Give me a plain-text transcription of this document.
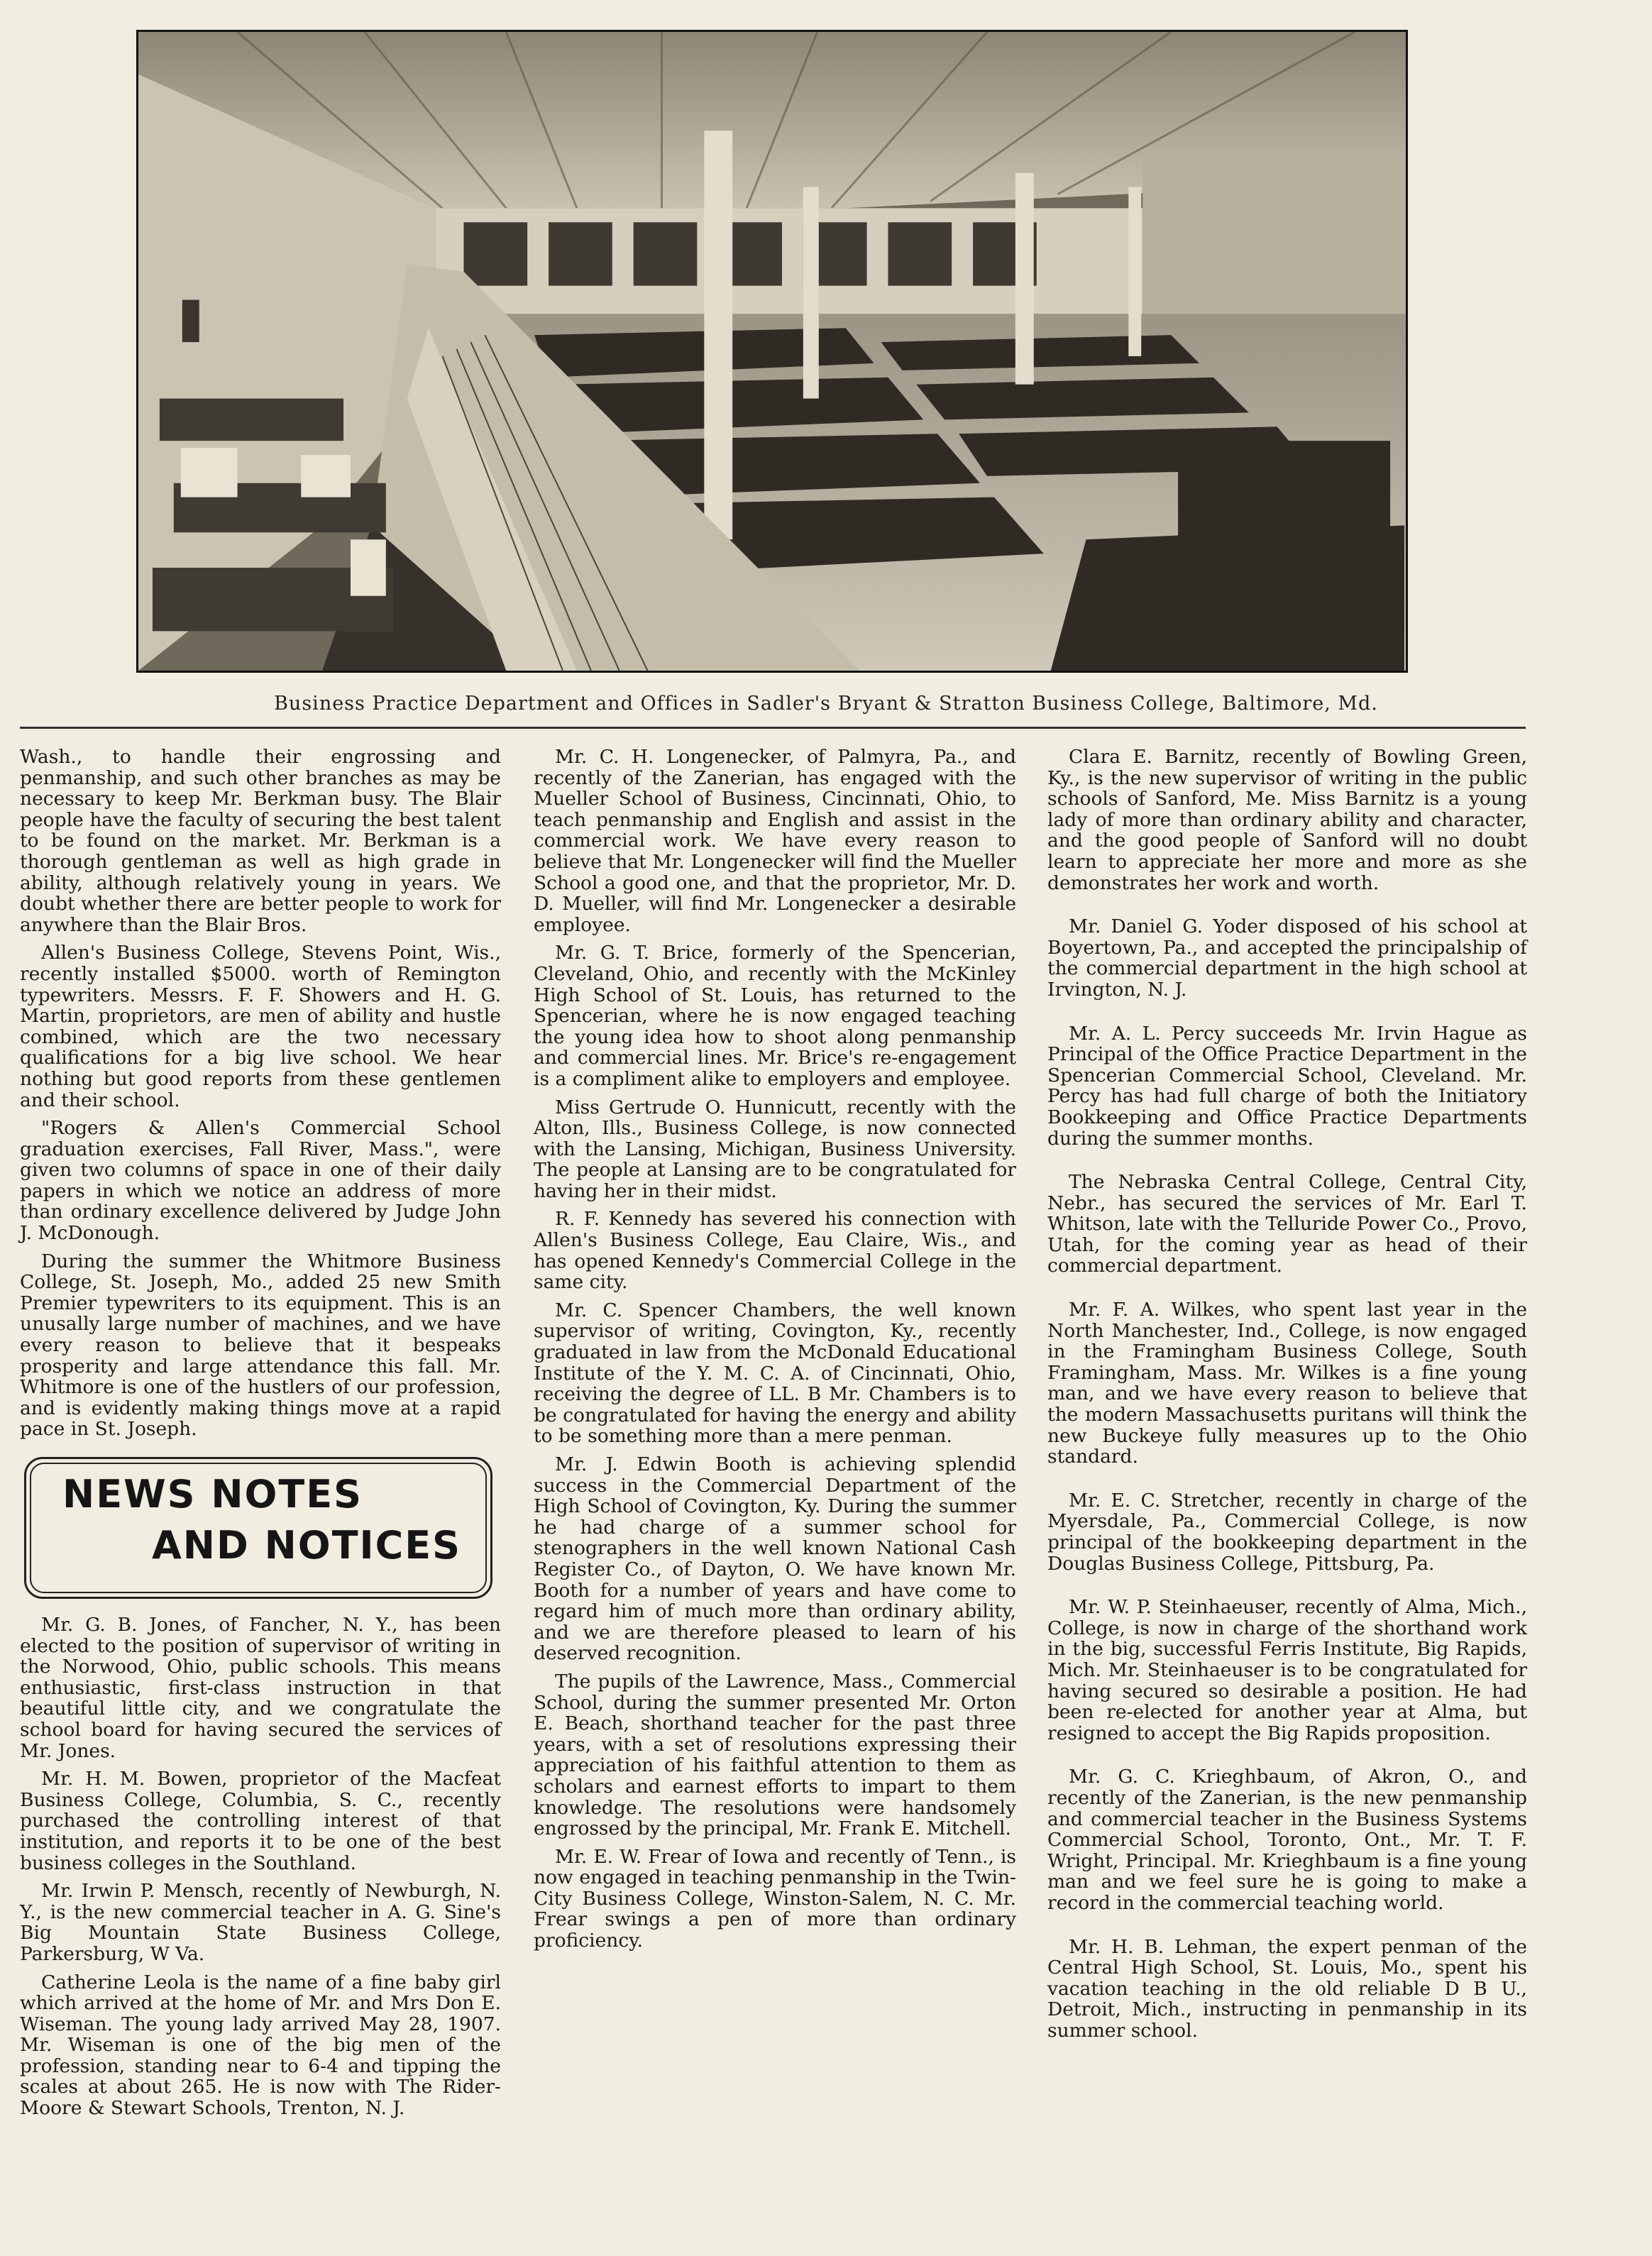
Business Practice Department and Offices in Sadler's Bryant & Stratton Business College, Baltimore, Md.

Wash., to handle their engrossing and penmanship, and such other branches as may be necessary to keep Mr. Berkman busy. The Blair people have the faculty of securing the best talent to be found on the market. Mr. Berkman is a thorough gentleman as well as high grade in ability, although relatively young in years. We doubt whether there are better people to work for anywhere than the Blair Bros.

Allen's Business College, Stevens Point, Wis., recently installed $5000. worth of Remington typewriters. Messrs. F. F. Showers and H. G. Martin, proprietors, are men of ability and hustle combined, which are the two necessary qualifications for a big live school. We hear nothing but good reports from these gentlemen and their school.

"Rogers & Allen's Commercial School graduation exercises, Fall River, Mass.", were given two columns of space in one of their daily papers in which we notice an address of more than ordinary excellence delivered by Judge John J. McDonough.

During the summer the Whitmore Business College, St. Joseph, Mo., added 25 new Smith Premier typewriters to its equipment. This is an unusally large number of machines, and we have every reason to believe that it bespeaks prosperity and large attendance this fall. Mr. Whitmore is one of the hustlers of our profession, and is evidently making things move at a rapid pace in St. Joseph.

NEWS NOTES
AND NOTICES

Mr. G. B. Jones, of Fancher, N. Y., has been elected to the position of supervisor of writing in the Norwood, Ohio, public schools. This means enthusiastic, first-class instruction in that beautiful little city, and we congratulate the school board for having secured the services of Mr. Jones.

Mr. H. M. Bowen, proprietor of the Macfeat Business College, Columbia, S. C., recently purchased the controlling interest of that institution, and reports it to be one of the best business colleges in the Southland.

Mr. Irwin P. Mensch, recently of Newburgh, N. Y., is the new commercial teacher in A. G. Sine's Big Mountain State Business College, Parkersburg, W Va.

Catherine Leola is the name of a fine baby girl which arrived at the home of Mr. and Mrs Don E. Wiseman. The young lady arrived May 28, 1907. Mr. Wiseman is one of the big men of the profession, standing near to 6-4 and tipping the scales at about 265. He is now with The Rider-Moore & Stewart Schools, Trenton, N. J.

Mr. C. H. Longenecker, of Palmyra, Pa., and recently of the Zanerian, has engaged with the Mueller School of Business, Cincinnati, Ohio, to teach penmanship and English and assist in the commercial work. We have every reason to believe that Mr. Longenecker will find the Mueller School a good one, and that the proprietor, Mr. D. D. Mueller, will find Mr. Longenecker a desirable employee.

Mr. G. T. Brice, formerly of the Spencerian, Cleveland, Ohio, and recently with the McKinley High School of St. Louis, has returned to the Spencerian, where he is now engaged teaching the young idea how to shoot along penmanship and commercial lines. Mr. Brice's re-engagement is a compliment alike to employers and employee.

Miss Gertrude O. Hunnicutt, recently with the Alton, Ills., Business College, is now connected with the Lansing, Michigan, Business University. The people at Lansing are to be congratulated for having her in their midst.

R. F. Kennedy has severed his connection with Allen's Business College, Eau Claire, Wis., and has opened Kennedy's Commercial College in the same city.

Mr. C. Spencer Chambers, the well known supervisor of writing, Covington, Ky., recently graduated in law from the McDonald Educational Institute of the Y. M. C. A. of Cincinnati, Ohio, receiving the degree of LL. B Mr. Chambers is to be congratulated for having the energy and ability to be something more than a mere penman.

Mr. J. Edwin Booth is achieving splendid success in the Commercial Department of the High School of Covington, Ky. During the summer he had charge of a summer school for stenographers in the well known National Cash Register Co., of Dayton, O. We have known Mr. Booth for a number of years and have come to regard him of much more than ordinary ability, and we are therefore pleased to learn of his deserved recognition.

The pupils of the Lawrence, Mass., Commercial School, during the summer presented Mr. Orton E. Beach, shorthand teacher for the past three years, with a set of resolutions expressing their appreciation of his faithful attention to them as scholars and earnest efforts to impart to them knowledge. The resolutions were handsomely engrossed by the principal, Mr. Frank E. Mitchell.

Mr. E. W. Frear of Iowa and recently of Tenn., is now engaged in teaching penmanship in the Twin-City Business College, Winston-Salem, N. C. Mr. Frear swings a pen of more than ordinary proficiency.

Clara E. Barnitz, recently of Bowling Green, Ky., is the new supervisor of writing in the public schools of Sanford, Me. Miss Barnitz is a young lady of more than ordinary ability and character, and the good people of Sanford will no doubt learn to appreciate her more and more as she demonstrates her work and worth.

Mr. Daniel G. Yoder disposed of his school at Boyertown, Pa., and accepted the principalship of the commercial department in the high school at Irvington, N. J.

Mr. A. L. Percy succeeds Mr. Irvin Hague as Principal of the Office Practice Department in the Spencerian Commercial School, Cleveland. Mr. Percy has had full charge of both the Initiatory Bookkeeping and Office Practice Departments during the summer months.

The Nebraska Central College, Central City, Nebr., has secured the services of Mr. Earl T. Whitson, late with the Telluride Power Co., Provo, Utah, for the coming year as head of their commercial department.

Mr. F. A. Wilkes, who spent last year in the North Manchester, Ind., College, is now engaged in the Framingham Business College, South Framingham, Mass. Mr. Wilkes is a fine young man, and we have every reason to believe that the modern Massachusetts puritans will think the new Buckeye fully measures up to the Ohio standard.

Mr. E. C. Stretcher, recently in charge of the Myersdale, Pa., Commercial College, is now principal of the bookkeeping department in the Douglas Business College, Pittsburg, Pa.

Mr. W. P. Steinhaeuser, recently of Alma, Mich., College, is now in charge of the shorthand work in the big, successful Ferris Institute, Big Rapids, Mich. Mr. Steinhaeuser is to be congratulated for having secured so desirable a position. He had been re-elected for another year at Alma, but resigned to accept the Big Rapids proposition.

Mr. G. C. Krieghbaum, of Akron, O., and recently of the Zanerian, is the new penmanship and commercial teacher in the Business Systems Commercial School, Toronto, Ont., Mr. T. F. Wright, Principal. Mr. Krieghbaum is a fine young man and we feel sure he is going to make a record in the commercial teaching world.

Mr. H. B. Lehman, the expert penman of the Central High School, St. Louis, Mo., spent his vacation teaching in the old reliable D B U., Detroit, Mich., instructing in penmanship in its summer school.
